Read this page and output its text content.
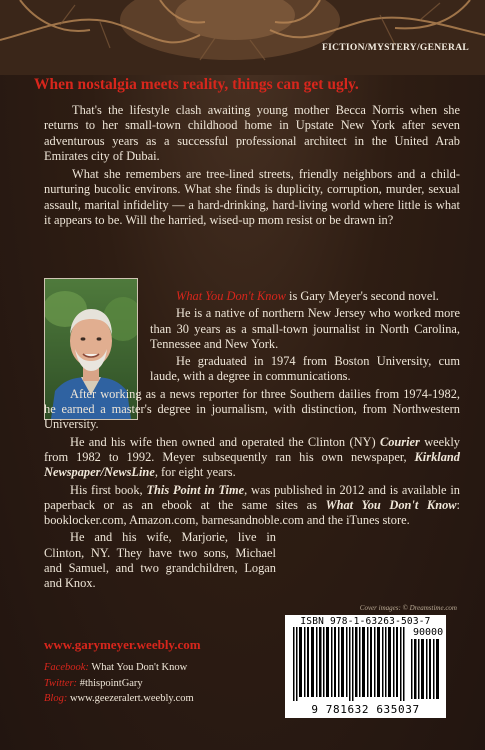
FICTION/MYSTERY/GENERAL
When nostalgia meets reality, things can get ugly.

That's the lifestyle clash awaiting young mother Becca Norris when she returns to her small-town childhood home in Upstate New York after seven adventurous years as a successful professional architect in the United Arab Emirates city of Dubai.

What she remembers are tree-lined streets, friendly neighbors and a child-nurturing bucolic environs. What she finds is duplicity, corruption, murder, sexual assault, marital infidelity — a hard-drinking, hard-living world where little is what it appears to be. Will the harried, wised-up mom resist or be drawn in?

What You Don't Know is Gary Meyer's second novel.

He is a native of northern New Jersey who worked more than 30 years as a small-town journalist in North Carolina, Tennessee and New York.

He graduated in 1974 from Boston University, cum laude, with a degree in communications.

After working as a news reporter for three Southern dailies from 1974-1982, he earned a master's degree in journalism, with distinction, from Northwestern University.

He and his wife then owned and operated the Clinton (NY) Courier weekly from 1982 to 1992. Meyer subsequently ran his own newspaper, Kirkland Newspaper/NewsLine, for eight years.

His first book, This Point in Time, was published in 2012 and is available in paperback or as an ebook at the same sites as What You Don't Know: booklocker.com, Amazon.com, barnesandnoble.com and the iTunes store.

He and his wife, Marjorie, live in Clinton, NY. They have two sons, Michael and Samuel, and two grandchildren, Logan and Knox.

Cover images: © Dreamstime.com
www.garymeyer.weebly.com
Facebook: What You Don't Know
Twitter: #thispointGary
Blog: www.geezeralert.weebly.com
ISBN 978-1-63263-503-7
90000
9 781632 635037
